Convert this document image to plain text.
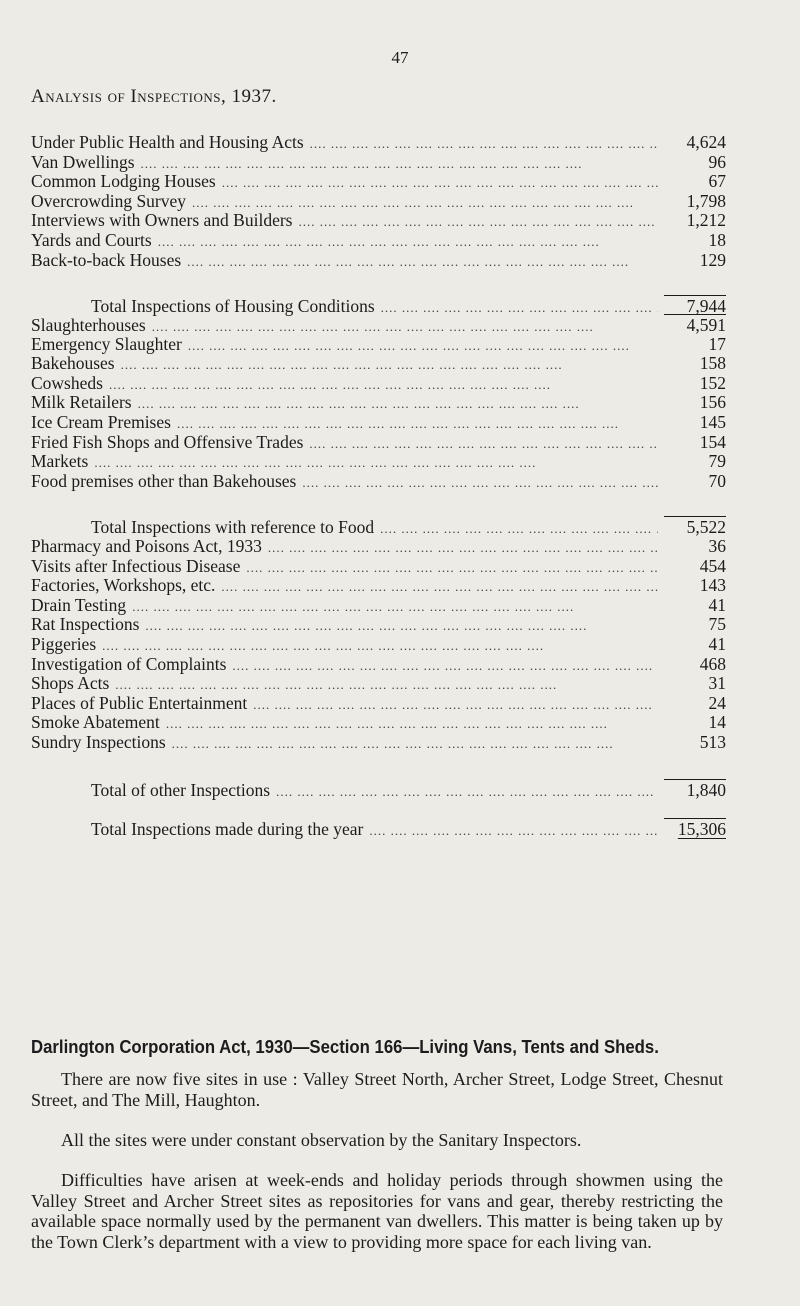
47
Analysis of Inspections, 1937.
Under Public Health and Housing Acts ....	4,624
Van Dwellings ....	96
Common Lodging Houses ....	67
Overcrowding Survey ....	1,798
Interviews with Owners and Builders ....	1,212
Yards and Courts ....	18
Back-to-back Houses ....	129
Total Inspections of Housing Conditions ....	7,944
Slaughterhouses ....	4,591
Emergency Slaughter ....	17
Bakehouses ....	158
Cowsheds ....	152
Milk Retailers ....	156
Ice Cream Premises ....	145
Fried Fish Shops and Offensive Trades ....	154
Markets ....	79
Food premises other than Bakehouses ....	70
Total Inspections with reference to Food ....	5,522
Pharmacy and Poisons Act, 1933 ....	36
Visits after Infectious Disease ....	454
Factories, Workshops, etc. ....	143
Drain Testing ....	41
Rat Inspections ....	75
Piggeries ....	41
Investigation of Complaints ....	468
Shops Acts ....	31
Places of Public Entertainment ....	24
Smoke Abatement ....	14
Sundry Inspections ....	513
Total of other Inspections ....	1,840
Total Inspections made during the year ....	15,306
Darlington Corporation Act, 1930—Section 166—Living Vans, Tents and Sheds.
There are now five sites in use : Valley Street North, Archer Street, Lodge Street, Chesnut Street, and The Mill, Haughton.
All the sites were under constant observation by the Sanitary Inspectors.
Difficulties have arisen at week-ends and holiday periods through showmen using the Valley Street and Archer Street sites as repositories for vans and gear, thereby restricting the available space normally used by the permanent van dwellers. This matter is being taken up by the Town Clerk’s department with a view to providing more space for each living van.
